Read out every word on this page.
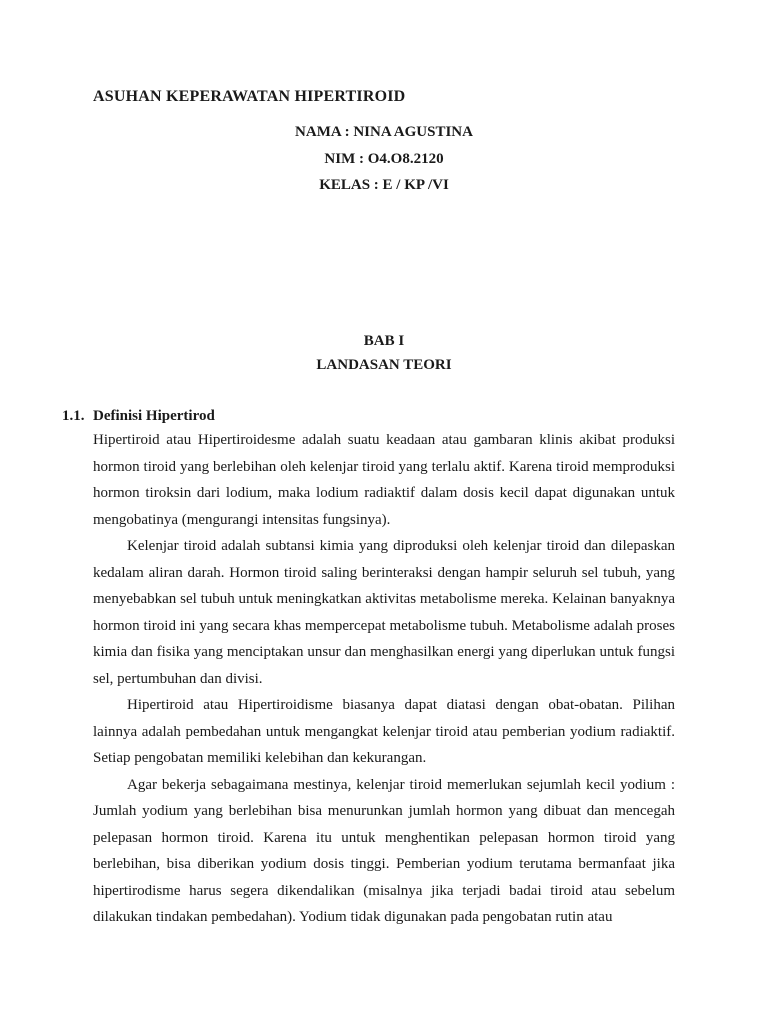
ASUHAN KEPERAWATAN HIPERTIROID

NAMA : NINA AGUSTINA

NIM : O4.O8.2120

KELAS : E / KP /VI

BAB I

LANDASAN TEORI

1.1. Definisi Hipertirod

Hipertiroid atau Hipertiroidesme adalah suatu keadaan atau gambaran klinis akibat produksi hormon tiroid yang berlebihan oleh kelenjar tiroid yang terlalu aktif. Karena tiroid memproduksi hormon tiroksin dari lodium, maka lodium radiaktif dalam dosis kecil dapat digunakan untuk mengobatinya (mengurangi intensitas fungsinya).

Kelenjar tiroid adalah subtansi kimia yang diproduksi oleh kelenjar tiroid dan dilepaskan kedalam aliran darah. Hormon tiroid saling berinteraksi dengan hampir seluruh sel tubuh, yang menyebabkan sel tubuh untuk meningkatkan aktivitas metabolisme mereka. Kelainan banyaknya hormon tiroid ini yang secara khas mempercepat metabolisme tubuh. Metabolisme adalah proses kimia dan fisika yang menciptakan unsur dan menghasilkan energi yang diperlukan untuk fungsi sel, pertumbuhan dan divisi.

Hipertiroid atau Hipertiroidisme biasanya dapat diatasi dengan obat-obatan. Pilihan lainnya adalah pembedahan untuk mengangkat kelenjar tiroid atau pemberian yodium radiaktif. Setiap pengobatan memiliki kelebihan dan kekurangan.

Agar bekerja sebagaimana mestinya, kelenjar tiroid memerlukan sejumlah kecil yodium : Jumlah yodium yang berlebihan bisa menurunkan jumlah hormon yang dibuat dan mencegah pelepasan hormon tiroid. Karena itu untuk menghentikan pelepasan hormon tiroid yang berlebihan, bisa diberikan yodium dosis tinggi. Pemberian yodium terutama bermanfaat jika hipertirodisme harus segera dikendalikan (misalnya jika terjadi badai tiroid atau sebelum dilakukan tindakan pembedahan). Yodium tidak digunakan pada pengobatan rutin atau
